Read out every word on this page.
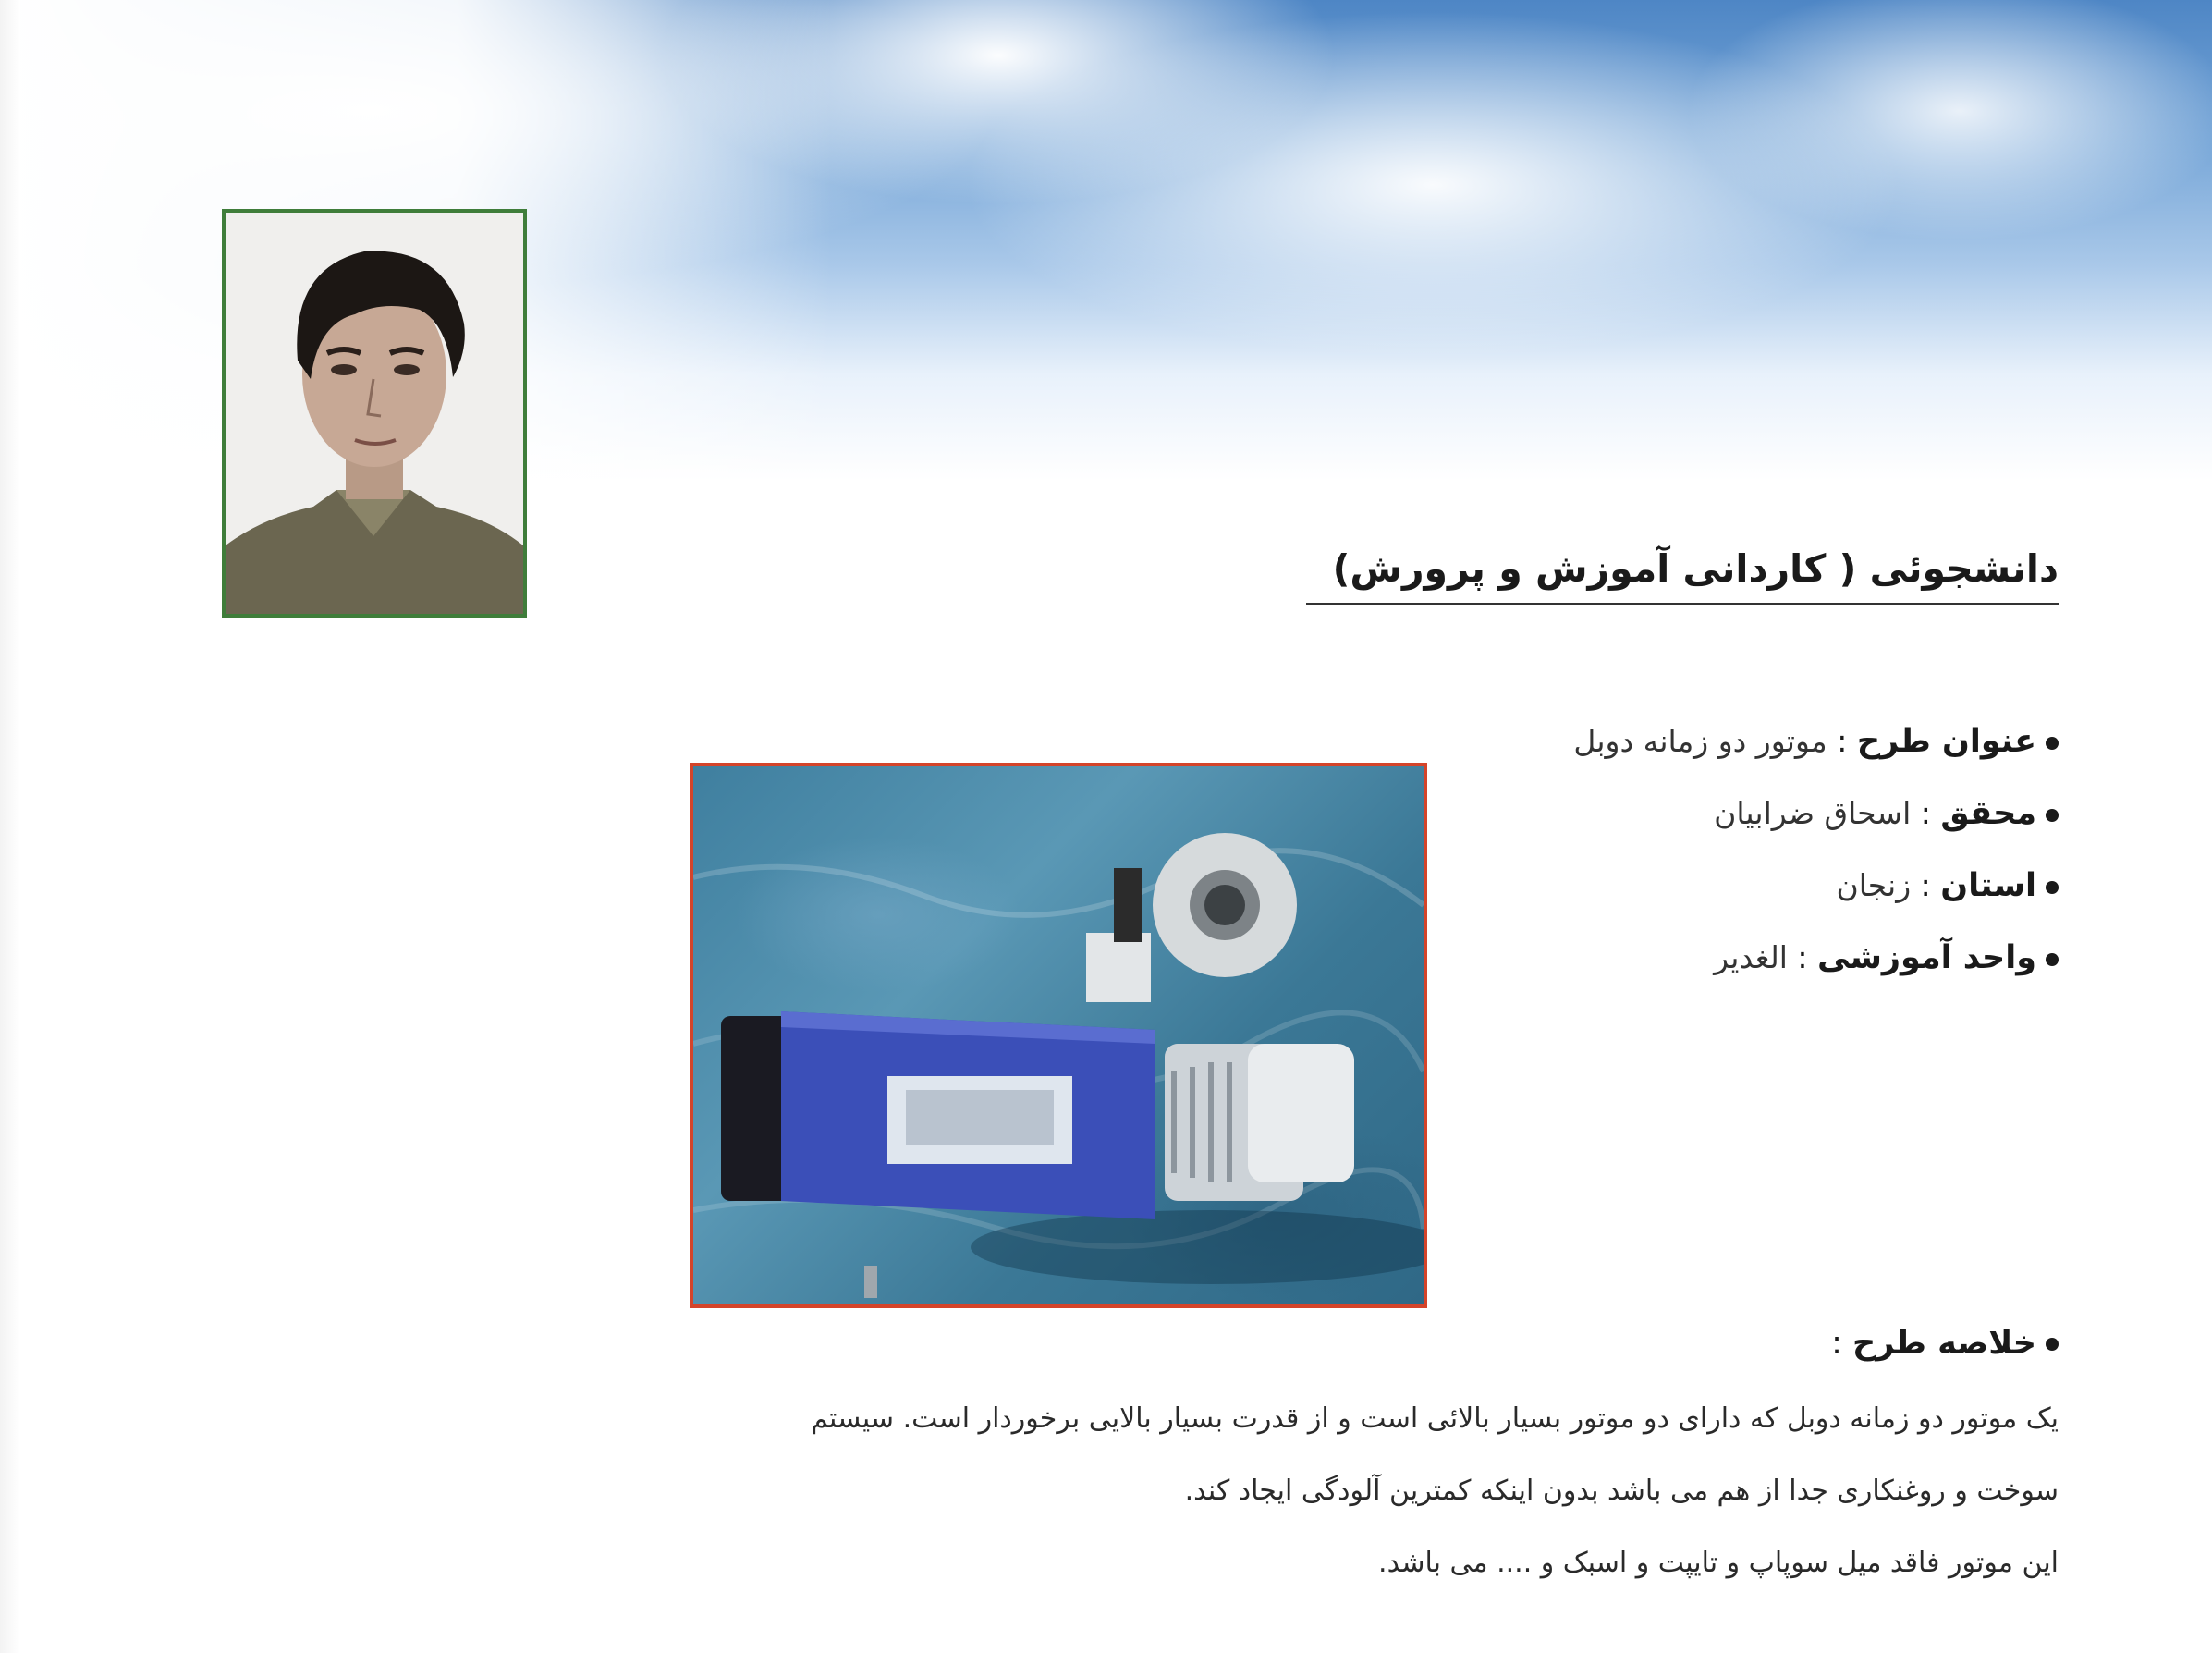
دانشجوئی ( کاردانی آموزش و پرورش)
عنوان طرح : موتور دو زمانه دوبل
محقق : اسحاق ضرابیان
استان : زنجان
واحد آموزشی : الغدیر
خلاصه طرح :

یک موتور دو زمانه دوبل که دارای دو موتور بسیار بالائی است و از قدرت بسیار بالایی برخوردار است. سیستم

سوخت و روغنکاری جدا از هم می باشد بدون اینکه کمترین آلودگی ایجاد کند.

این موتور فاقد میل سوپاپ و تایپت و اسبک و .... می باشد.
